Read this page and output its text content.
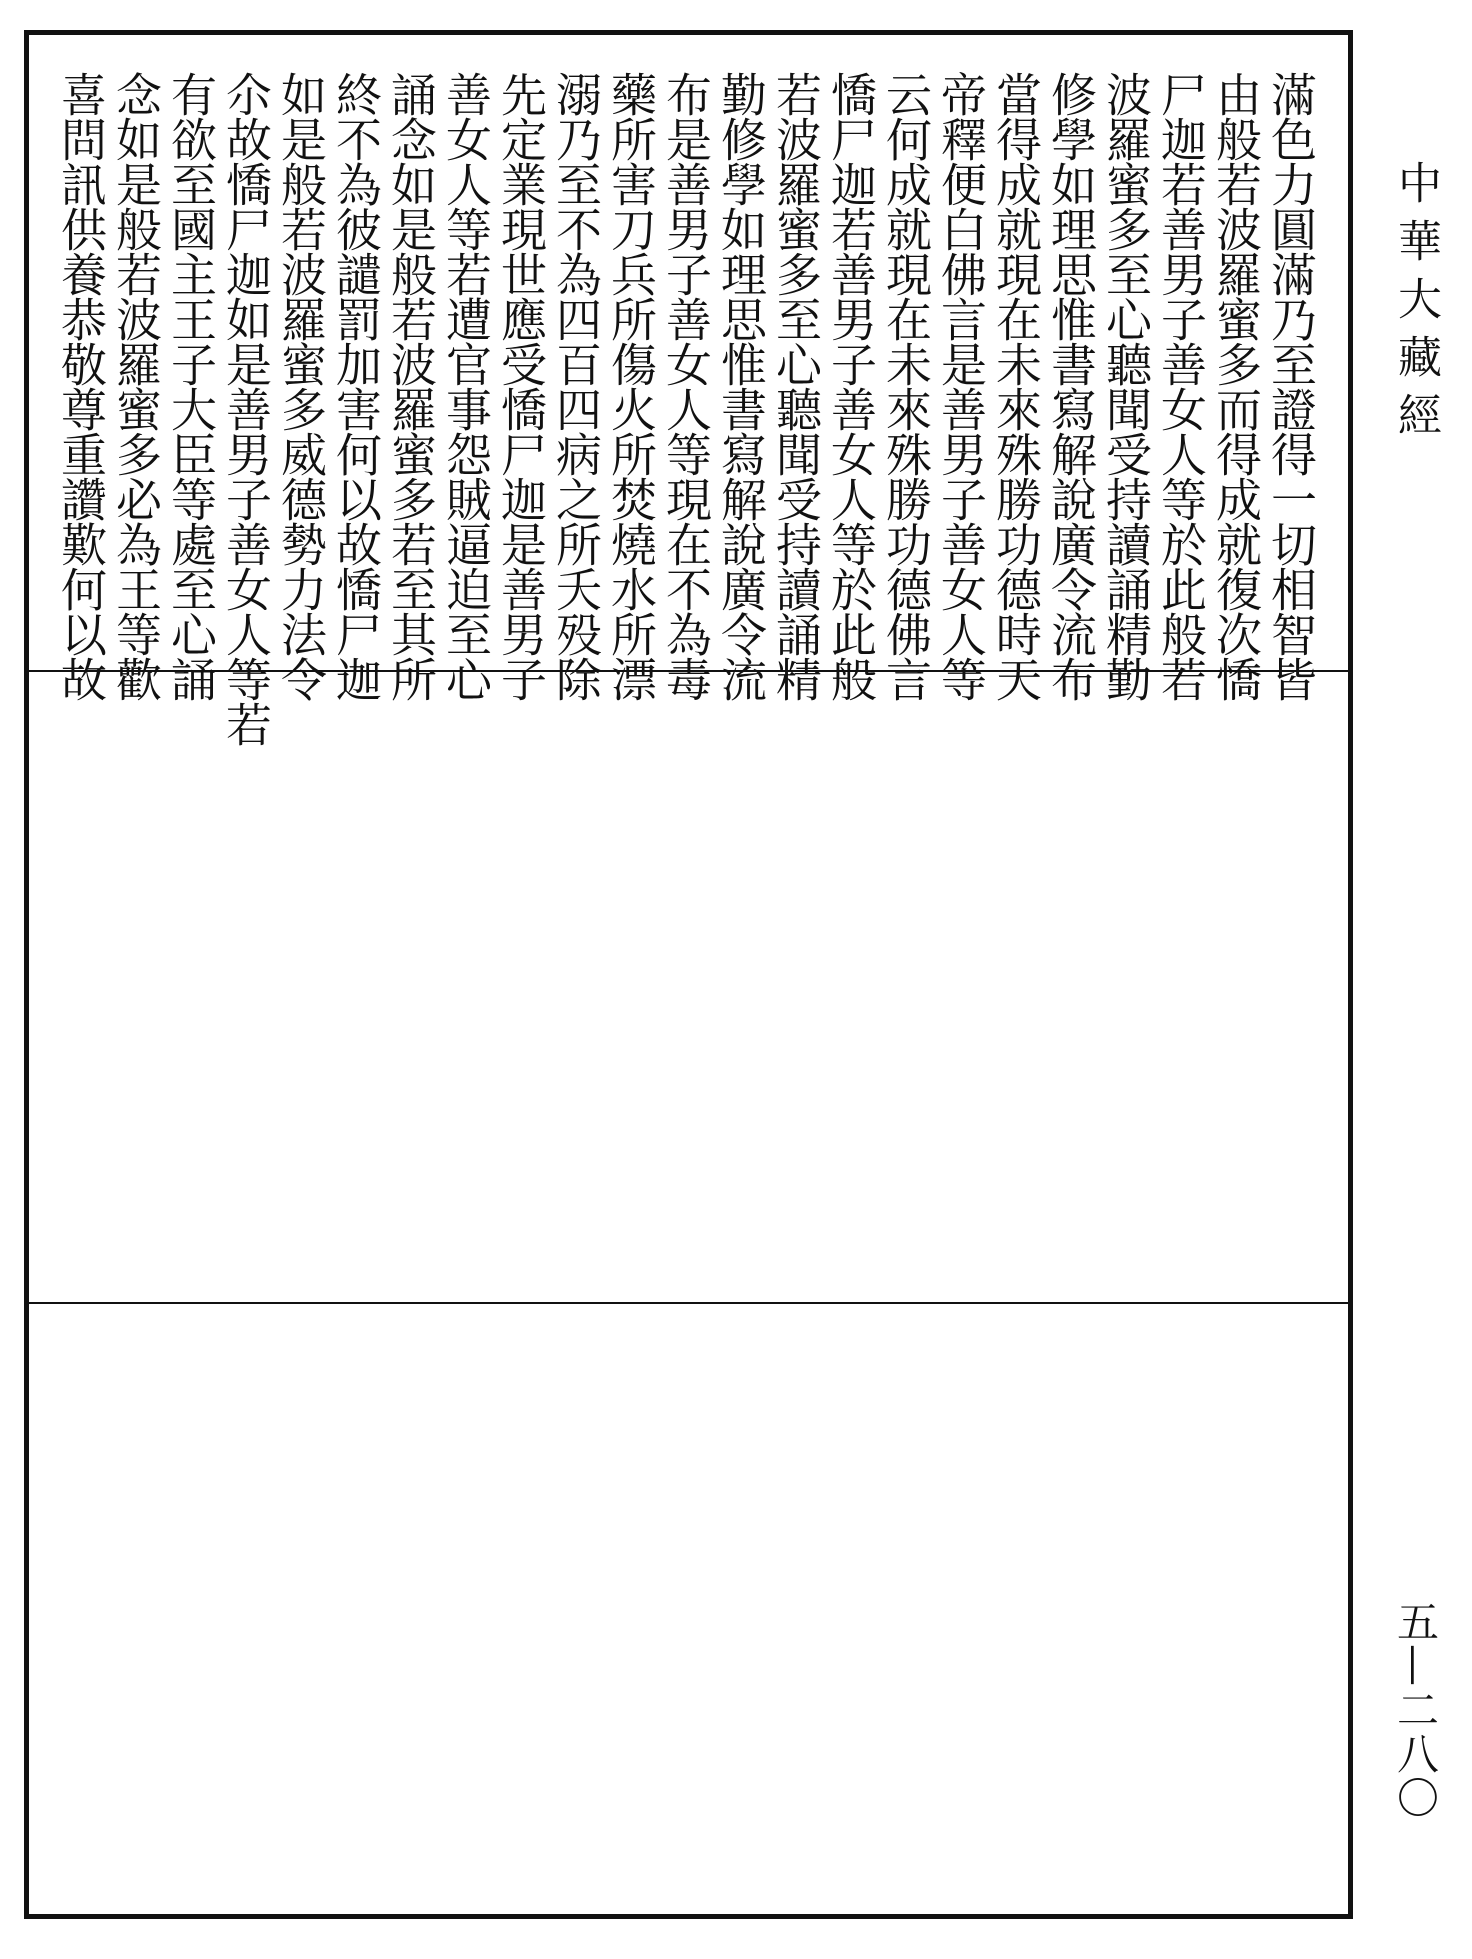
滿色力圓滿乃至證得一切相智皆
由般若波羅蜜多而得成就復次憍
尸迦若善男子善女人等於此般若
波羅蜜多至心聽聞受持讀誦精勤
修學如理思惟書寫解說廣令流布
當得成就現在未來殊勝功德時天
帝釋便白佛言是善男子善女人等
云何成就現在未來殊勝功德佛言
憍尸迦若善男子善女人等於此般
若波羅蜜多至心聽聞受持讀誦精
勤修學如理思惟書寫解說廣令流
布是善男子善女人等現在不為毒
藥所害刀兵所傷火所焚燒水所漂
溺乃至不為四百四病之所夭殁除
先定業現世應受憍尸迦是善男子
善女人等若遭官事怨賊逼迫至心
誦念如是般若波羅蜜多若至其所
終不為彼譴罰加害何以故憍尸迦
如是般若波羅蜜多威德勢力法令
尒故憍尸迦如是善男子善女人等若
有欲至國主王子大臣等處至心誦
念如是般若波羅蜜多必為王等歡
喜問訊供養恭敬尊重讚歎何以故	中華大藏經
五—二八〇
